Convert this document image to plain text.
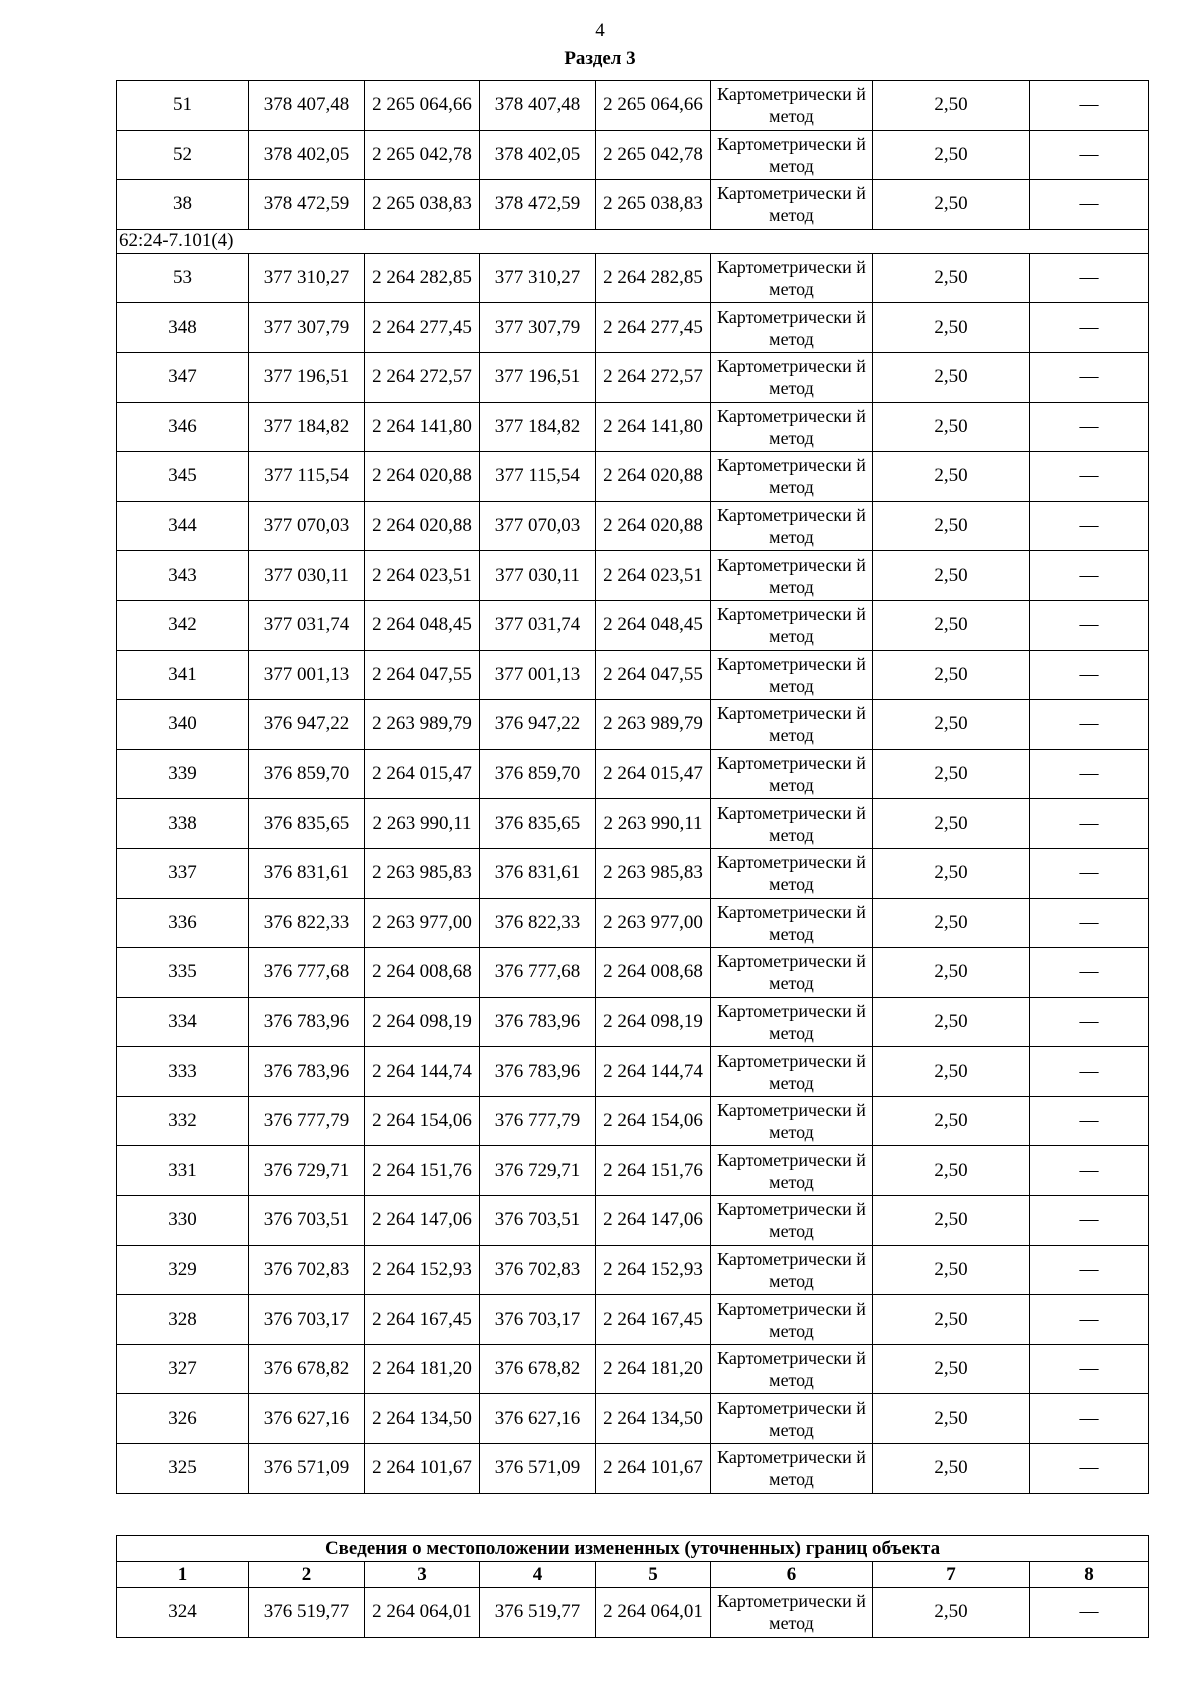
4
Раздел 3
51	378 407,48	2 265 064,66	378 407,48	2 265 064,66	Картометрически й метод	2,50	—
52	378 402,05	2 265 042,78	378 402,05	2 265 042,78	Картометрически й метод	2,50	—
38	378 472,59	2 265 038,83	378 472,59	2 265 038,83	Картометрически й метод	2,50	—
62:24-7.101(4)							
53	377 310,27	2 264 282,85	377 310,27	2 264 282,85	Картометрически й метод	2,50	—
348	377 307,79	2 264 277,45	377 307,79	2 264 277,45	Картометрически й метод	2,50	—
347	377 196,51	2 264 272,57	377 196,51	2 264 272,57	Картометрически й метод	2,50	—
346	377 184,82	2 264 141,80	377 184,82	2 264 141,80	Картометрически й метод	2,50	—
345	377 115,54	2 264 020,88	377 115,54	2 264 020,88	Картометрически й метод	2,50	—
344	377 070,03	2 264 020,88	377 070,03	2 264 020,88	Картометрически й метод	2,50	—
343	377 030,11	2 264 023,51	377 030,11	2 264 023,51	Картометрически й метод	2,50	—
342	377 031,74	2 264 048,45	377 031,74	2 264 048,45	Картометрически й метод	2,50	—
341	377 001,13	2 264 047,55	377 001,13	2 264 047,55	Картометрически й метод	2,50	—
340	376 947,22	2 263 989,79	376 947,22	2 263 989,79	Картометрически й метод	2,50	—
339	376 859,70	2 264 015,47	376 859,70	2 264 015,47	Картометрически й метод	2,50	—
338	376 835,65	2 263 990,11	376 835,65	2 263 990,11	Картометрически й метод	2,50	—
337	376 831,61	2 263 985,83	376 831,61	2 263 985,83	Картометрически й метод	2,50	—
336	376 822,33	2 263 977,00	376 822,33	2 263 977,00	Картометрически й метод	2,50	—
335	376 777,68	2 264 008,68	376 777,68	2 264 008,68	Картометрически й метод	2,50	—
334	376 783,96	2 264 098,19	376 783,96	2 264 098,19	Картометрически й метод	2,50	—
333	376 783,96	2 264 144,74	376 783,96	2 264 144,74	Картометрически й метод	2,50	—
332	376 777,79	2 264 154,06	376 777,79	2 264 154,06	Картометрически й метод	2,50	—
331	376 729,71	2 264 151,76	376 729,71	2 264 151,76	Картометрически й метод	2,50	—
330	376 703,51	2 264 147,06	376 703,51	2 264 147,06	Картометрически й метод	2,50	—
329	376 702,83	2 264 152,93	376 702,83	2 264 152,93	Картометрически й метод	2,50	—
328	376 703,17	2 264 167,45	376 703,17	2 264 167,45	Картометрически й метод	2,50	—
327	376 678,82	2 264 181,20	376 678,82	2 264 181,20	Картометрически й метод	2,50	—
326	376 627,16	2 264 134,50	376 627,16	2 264 134,50	Картометрически й метод	2,50	—
325	376 571,09	2 264 101,67	376 571,09	2 264 101,67	Картометрически й метод	2,50	—
Сведения о местоположении измененных (уточненных) границ объекта							
1	2	3	4	5	6	7	8
324	376 519,77	2 264 064,01	376 519,77	2 264 064,01	Картометрически й метод	2,50	—
